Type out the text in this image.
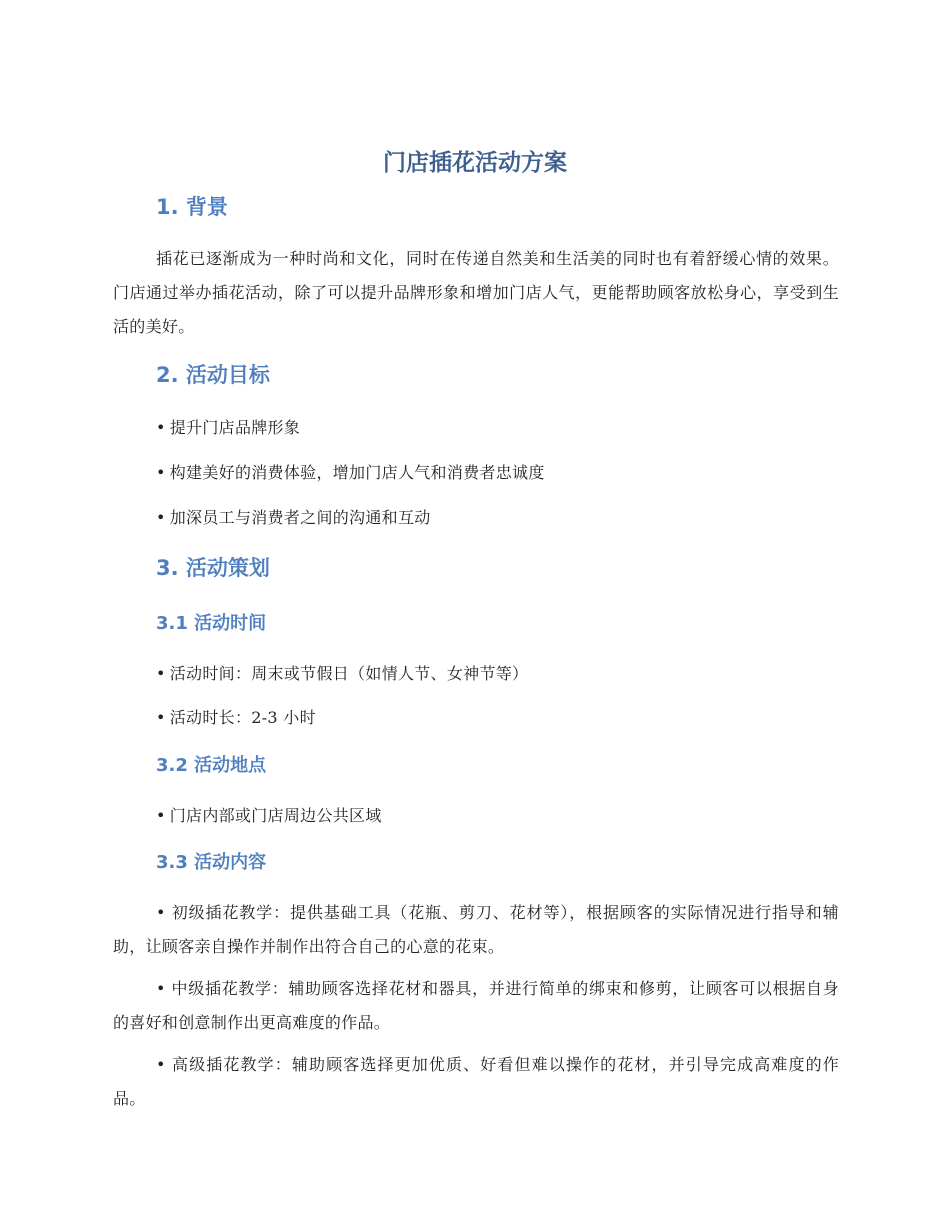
门店插花活动方案
1. 背景

插花已逐渐成为一种时尚和文化，同时在传递自然美和生活美的同时也有着舒缓心情的效果。门店通过举办插花活动，除了可以提升品牌形象和增加门店人气，更能帮助顾客放松身心，享受到生活的美好。

2. 活动目标

• 提升门店品牌形象

• 构建美好的消费体验，增加门店人气和消费者忠诚度

• 加深员工与消费者之间的沟通和互动

3. 活动策划
3.1 活动时间

• 活动时间：周末或节假日（如情人节、女神节等）

• 活动时长：2-3 小时

3.2 活动地点

• 门店内部或门店周边公共区域

3.3 活动内容

• 初级插花教学：提供基础工具（花瓶、剪刀、花材等），根据顾客的实际情况进行指导和辅助，让顾客亲自操作并制作出符合自己的心意的花束。

• 中级插花教学：辅助顾客选择花材和器具，并进行简单的绑束和修剪，让顾客可以根据自身的喜好和创意制作出更高难度的作品。

• 高级插花教学：辅助顾客选择更加优质、好看但难以操作的花材，并引导完成高难度的作品。
